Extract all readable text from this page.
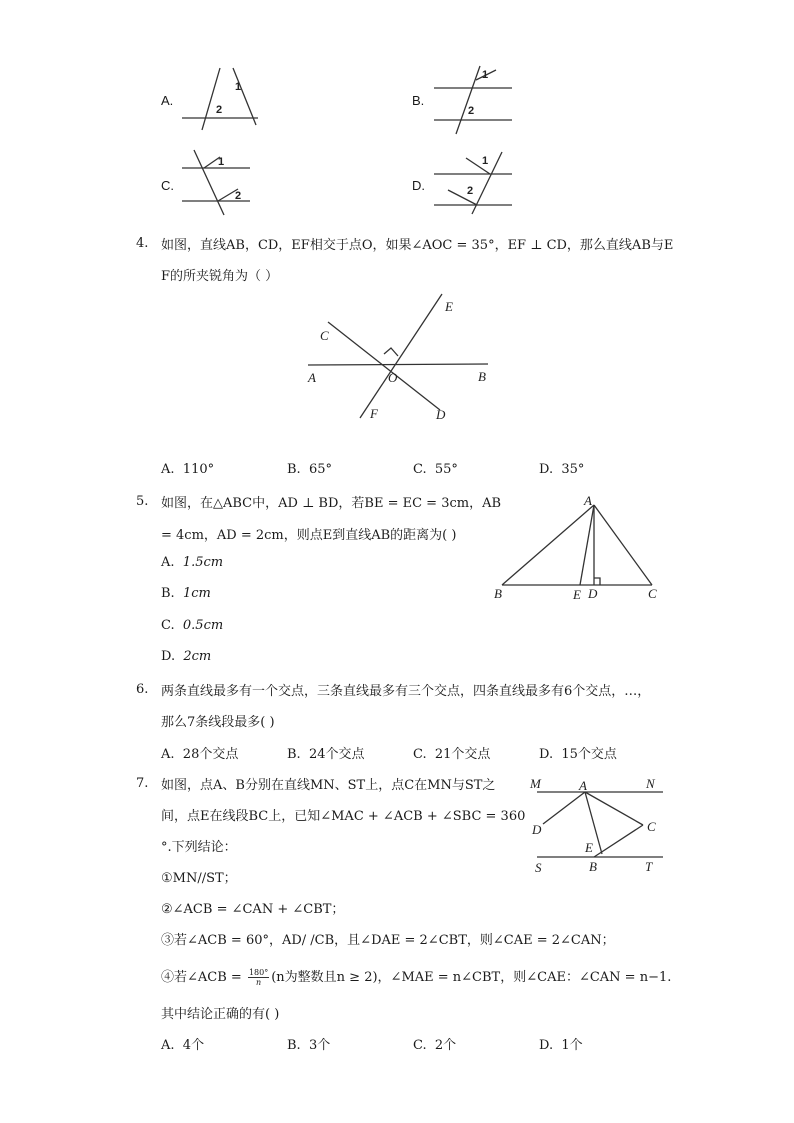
A.
1
2
B.
1
2
C.
1
2
D.
1
2
4. 如图，直线AB，CD，EF相交于点O，如果∠AOC = 35°，EF ⊥ CD，那么直线AB与E
F的所夹锐角为（ ）
C
E
A	O	B
F	D
A. 110°	B. 65°	C. 55°	D. 35°
5. 如图，在△ABC中，AD ⊥ BD，若BE = EC = 3cm，AB
= 4cm，AD = 2cm，则点E到直线AB的距离为( )
A. 1.5cm
B. 1cm
C. 0.5cm
D. 2cm
A
B	E D	C
6. 两条直线最多有一个交点，三条直线最多有三个交点，四条直线最多有6个交点，…，
那么7条线段最多( )
A. 28个交点	B. 24个交点	C. 21个交点	D. 15个交点
7. 如图，点A、B分别在直线MN、ST上，点C在MN与ST之
间，点E在线段BC上，已知∠MAC + ∠ACB + ∠SBC = 360
°.下列结论：
①MN//ST；
②∠ACB = ∠CAN + ∠CBT；
③若∠ACB = 60°，AD/ /CB，且∠DAE = 2∠CBT，则∠CAE = 2∠CAN；
④若∠ACB = $\frac{180^\circ}{n} (n$为整数且n ≥ 2)，∠MAE = n∠CBT，则∠CAE：∠CAN = n−1.
其中结论正确的有( )
A. 4个	B. 3个	C. 2个	D. 1个
M	A	N
D	C
E
S	B	T
